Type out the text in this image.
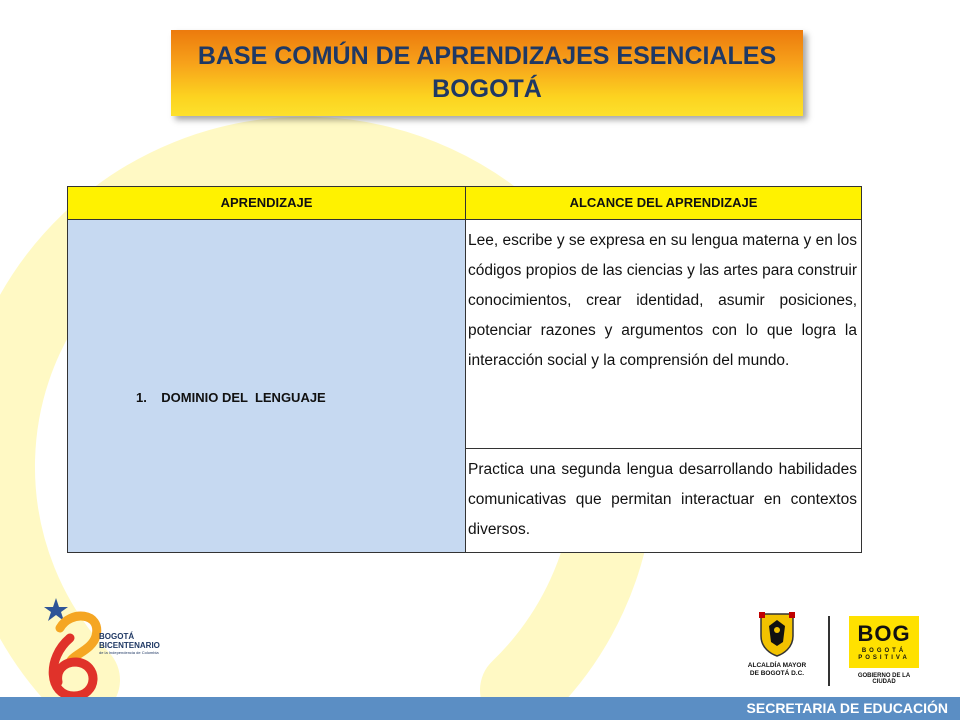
BASE COMÚN DE APRENDIZAJES ESENCIALES
BOGOTÁ
APRENDIZAJE	ALCANCE DEL APRENDIZAJE
1.    DOMINIO DEL  LENGUAJE
Lee, escribe y se expresa en su lengua materna y en los códigos propios de las ciencias y las artes para construir conocimientos, crear identidad, asumir posiciones, potenciar razones y argumentos con lo que logra la interacción social y la comprensión del mundo.
Practica una segunda lengua desarrollando habilidades comunicativas que permitan interactuar en contextos diversos.
BOGOTÁ
BICENTENARIO
de la Independencia de Colombia
ALCALDÍA MAYOR
DE BOGOTÁ D.C.
BOG
BOGOTÁ
POSITIVA
GOBIERNO DE LA CIUDAD
SECRETARIA DE EDUCACIÓN
